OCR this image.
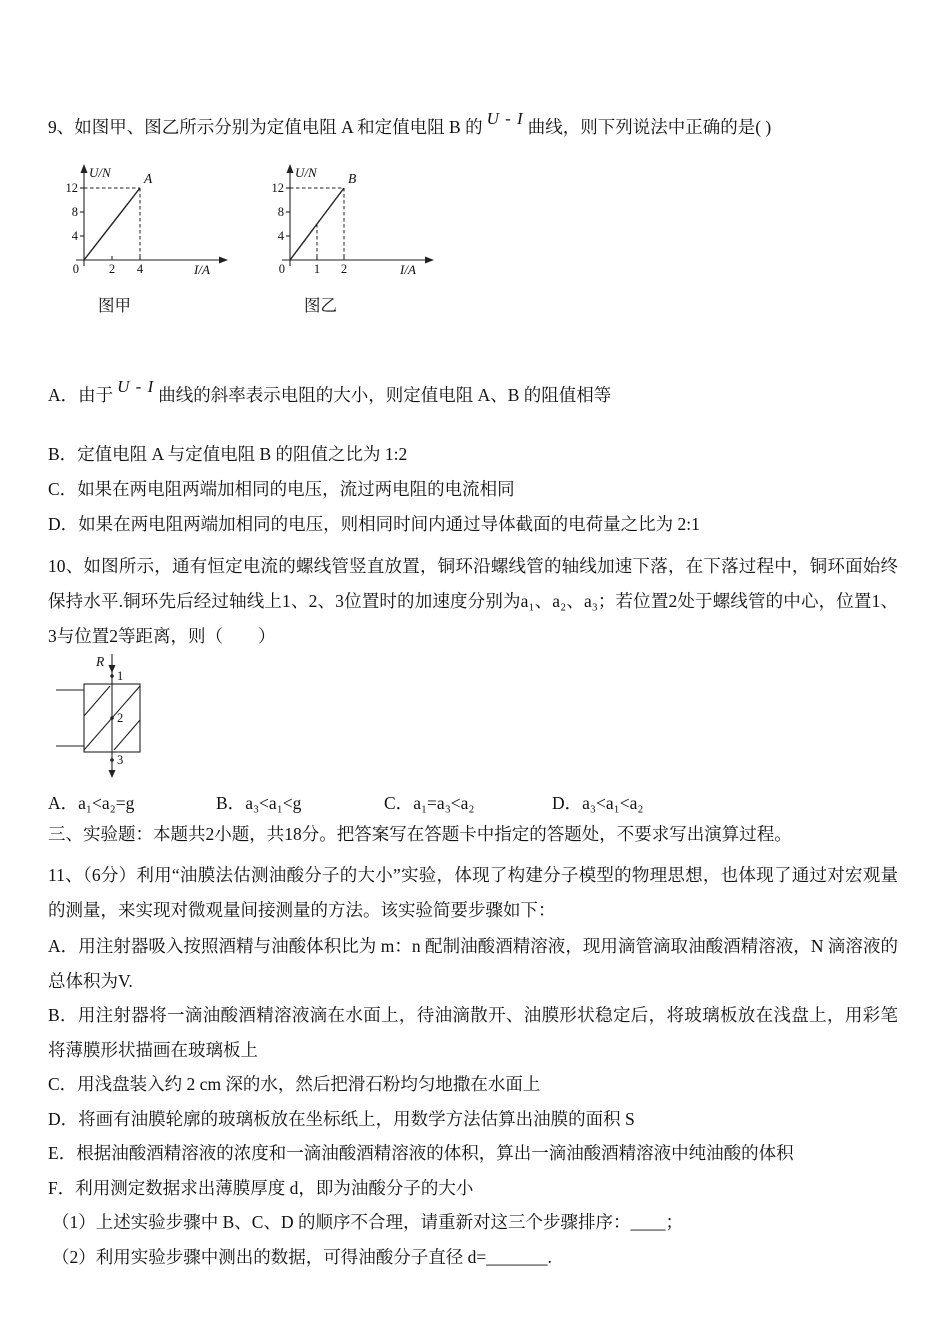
9、如图甲、图乙所示分别为定值电阻 A 和定值电阻 B 的 U - I 曲线，则下列说法中正确的是( )

U/N
I/A
12
8
4
0 2 4
A
图甲
U/N
I/A
12
8
4
0 1 2
B
图乙

A．由于 U - I 曲线的斜率表示电阻的大小，则定值电阻 A、B 的阻值相等

B．定值电阻 A 与定值电阻 B 的阻值之比为 1:2

C．如果在两电阻两端加相同的电压，流过两电阻的电流相同

D．如果在两电阻两端加相同的电压，则相同时间内通过导体截面的电荷量之比为 2:1

10、如图所示，通有恒定电流的螺线管竖直放置，铜环沿螺线管的轴线加速下落，在下落过程中，铜环面始终保持水平.铜环先后经过轴线上1、2、3位置时的加速度分别为a₁、a₂、a₃；若位置2处于螺线管的中心，位置1、3与位置2等距离，则（　　）

R
1
2
3
A．a₁<a₂=g	B．a₃<a₁<g	C．a₁=a₃<a₂	D．a₃<a₁<a₂

三、实验题：本题共2小题，共18分。把答案写在答题卡中指定的答题处，不要求写出演算过程。

11、（6分）利用“油膜法估测油酸分子的大小”实验，体现了构建分子模型的物理思想，也体现了通过对宏观量的测量，来实现对微观量间接测量的方法。该实验简要步骤如下：

A．用注射器吸入按照酒精与油酸体积比为 m：n 配制油酸酒精溶液，现用滴管滴取油酸酒精溶液，N 滴溶液的总体积为V.

B．用注射器将一滴油酸酒精溶液滴在水面上，待油滴散开、油膜形状稳定后，将玻璃板放在浅盘上，用彩笔将薄膜形状描画在玻璃板上

C．用浅盘装入约 2 cm 深的水，然后把滑石粉均匀地撒在水面上

D．将画有油膜轮廓的玻璃板放在坐标纸上，用数学方法估算出油膜的面积 S

E．根据油酸酒精溶液的浓度和一滴油酸酒精溶液的体积，算出一滴油酸酒精溶液中纯油酸的体积

F．利用测定数据求出薄膜厚度 d，即为油酸分子的大小

（1）上述实验步骤中 B、C、D 的顺序不合理，请重新对这三个步骤排序：____；

（2）利用实验步骤中测出的数据，可得油酸分子直径 d=_______.
